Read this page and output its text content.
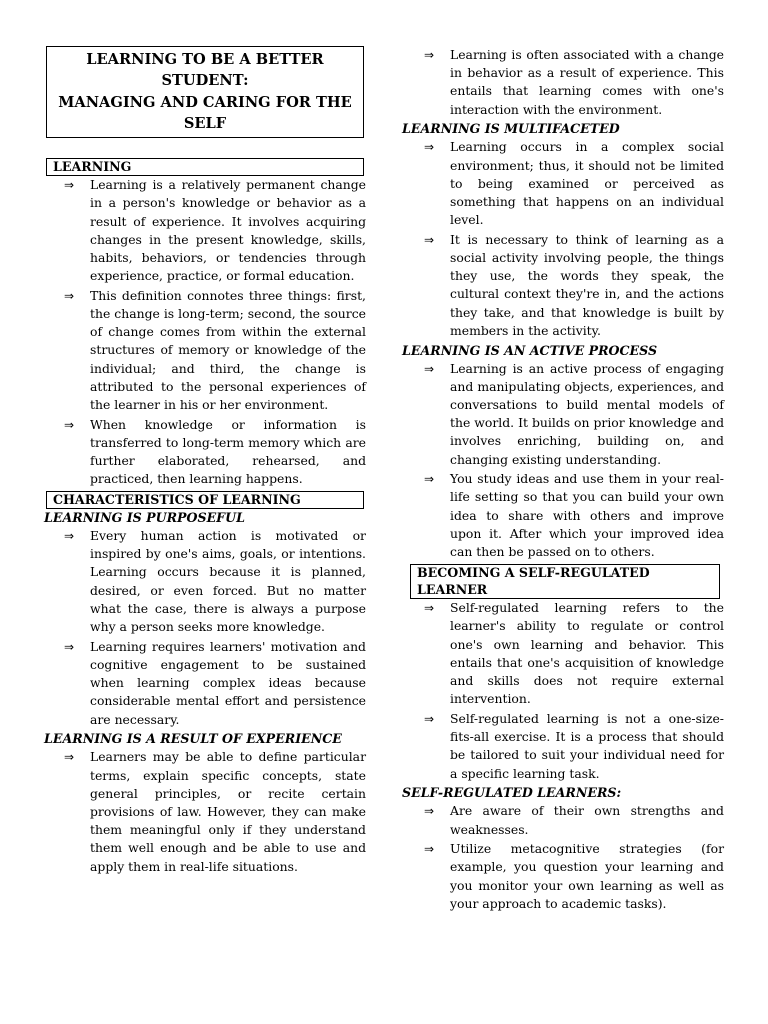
LEARNING TO BE A BETTER
STUDENT:
MANAGING AND CARING FOR THE
SELF
LEARNING
⇒ Learning is a relatively permanent change in a person's knowledge or behavior as a result of experience. It involves acquiring changes in the present knowledge, skills, habits, behaviors, or tendencies through experience, practice, or formal education.
⇒ This definition connotes three things: first, the change is long-term; second, the source of change comes from within the external structures of memory or knowledge of the individual; and third, the change is attributed to the personal experiences of the learner in his or her environment.
⇒ When knowledge or information is transferred to long-term memory which are further elaborated, rehearsed, and practiced, then learning happens.
CHARACTERISTICS OF LEARNING
LEARNING IS PURPOSEFUL
⇒ Every human action is motivated or inspired by one's aims, goals, or intentions. Learning occurs because it is planned, desired, or even forced. But no matter what the case, there is always a purpose why a person seeks more knowledge.
⇒ Learning requires learners' motivation and cognitive engagement to be sustained when learning complex ideas because considerable mental effort and persistence are necessary.
LEARNING IS A RESULT OF EXPERIENCE
⇒ Learners may be able to define particular terms, explain specific concepts, state general principles, or recite certain provisions of law. However, they can make them meaningful only if they understand them well enough and be able to use and apply them in real-life situations.
⇒ Learning is often associated with a change in behavior as a result of experience. This entails that learning comes with one's interaction with the environment.
LEARNING IS MULTIFACETED
⇒ Learning occurs in a complex social environment; thus, it should not be limited to being examined or perceived as something that happens on an individual level.
⇒ It is necessary to think of learning as a social activity involving people, the things they use, the words they speak, the cultural context they're in, and the actions they take, and that knowledge is built by members in the activity.
LEARNING IS AN ACTIVE PROCESS
⇒ Learning is an active process of engaging and manipulating objects, experiences, and conversations to build mental models of the world. It builds on prior knowledge and involves enriching, building on, and changing existing understanding.
⇒ You study ideas and use them in your real-life setting so that you can build your own idea to share with others and improve upon it. After which your improved idea can then be passed on to others.
BECOMING A SELF-REGULATED LEARNER
⇒ Self-regulated learning refers to the learner's ability to regulate or control one's own learning and behavior. This entails that one's acquisition of knowledge and skills does not require external intervention.
⇒ Self-regulated learning is not a one-size-fits-all exercise. It is a process that should be tailored to suit your individual need for a specific learning task.
SELF-REGULATED LEARNERS:
⇒ Are aware of their own strengths and weaknesses.
⇒ Utilize metacognitive strategies (for example, you question your learning and you monitor your own learning as well as your approach to academic tasks).
